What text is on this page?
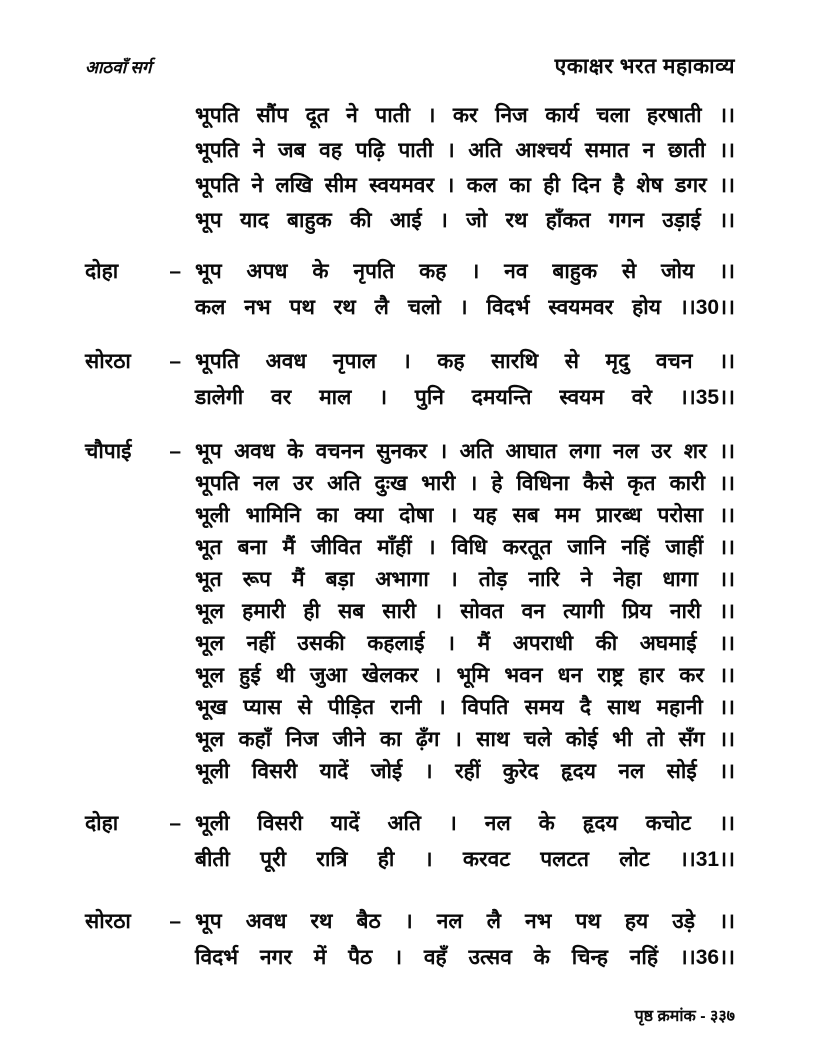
आठवाँ सर्ग	एकाक्षर भरत महाकाव्य
भूपति सौंप दूत ने पाती । कर निज कार्य चला हरषाती ।।
भूपति ने जब वह पढ़ि पाती । अति आश्चर्य समात न छाती ।।
भूपति ने लखि सीम स्वयमवर । कल का ही दिन है शेष डगर ।।
भूप याद बाहुक की आई । जो रथ हाँकत गगन उड़ाई ।।
दोहा – भूप अपध के नृपति कह । नव बाहुक से जोय ।।
कल नभ पथ रथ लै चलो । विदर्भ स्वयमवर होय ।।30।।
सोरठा – भूपति अवध नृपाल । कह सारथि से मृदु वचन ।।
डालेगी वर माल । पुनि दमयन्ति स्वयम वरे ।।35।।
चौपाई – भूप अवध के वचनन सुनकर । अति आघात लगा नल उर शर ।।
भूपति नल उर अति दुःख भारी । हे विधिना कैसे कृत कारी ।।
भूली भामिनि का क्या दोषा । यह सब मम प्रारब्ध परोसा ।।
भूत बना मैं जीवित माँहीं । विधि करतूत जानि नहिं जाहीं ।।
भूत रूप मैं बड़ा अभागा । तोड़ नारि ने नेहा धागा ।।
भूल हमारी ही सब सारी । सोवत वन त्यागी प्रिय नारी ।।
भूल नहीं उसकी कहलाई । मैं अपराधी की अघमाई ।।
भूल हुई थी जुआ खेलकर । भूमि भवन धन राष्ट्र हार कर ।।
भूख प्यास से पीड़ित रानी । विपति समय दै साथ महानी ।।
भूल कहाँ निज जीने का ढ़ँग । साथ चले कोई भी तो सँग ।।
भूली विसरी यादें जोई । रहीं कुरेद हृदय नल सोई ।।
दोहा – भूली विसरी यादें अति । नल के हृदय कचोट ।।
बीती पूरी रात्रि ही । करवट पलटत लोट ।।31।।
सोरठा – भूप अवध रथ बैठ । नल लै नभ पथ हय उड़े ।।
विदर्भ नगर में पैठ । वहँ उत्सव के चिन्ह नहिं ।।36।।
पृष्ठ क्रमांक - ३३७
